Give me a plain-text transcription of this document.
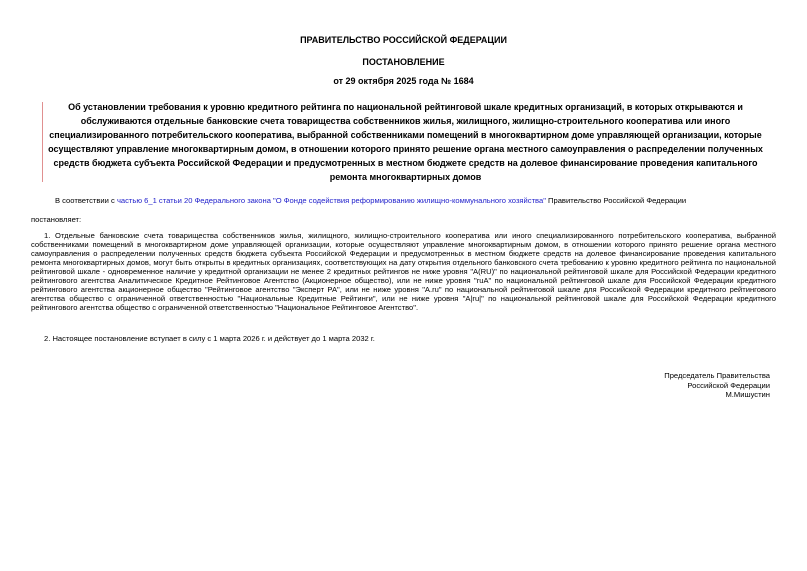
ПРАВИТЕЛЬСТВО РОССИЙСКОЙ ФЕДЕРАЦИИ
ПОСТАНОВЛЕНИЕ
от 29 октября 2025 года № 1684
Об установлении требования к уровню кредитного рейтинга по национальной рейтинговой шкале кредитных организаций, в которых открываются и обслуживаются отдельные банковские счета товарищества собственников жилья, жилищного, жилищно-строительного кооператива или иного специализированного потребительского кооператива, выбранной собственниками помещений в многоквартирном доме управляющей организации, которые осуществляют управление многоквартирным домом, в отношении которого принято решение органа местного самоуправления о распределении полученных средств бюджета субъекта Российской Федерации и предусмотренных в местном бюджете средств на долевое финансирование проведения капитального ремонта многоквартирных домов

В соответствии с частью 6_1 статьи 20 Федерального закона "О Фонде содействия реформированию жилищно-коммунального хозяйства" Правительство Российской Федерации

постановляет:

1. Отдельные банковские счета товарищества собственников жилья, жилищного, жилищно-строительного кооператива или иного специализированного потребительского кооператива, выбранной собственниками помещений в многоквартирном доме управляющей организации, которые осуществляют управление многоквартирным домом, в отношении которого принято решение органа местного самоуправления о распределении полученных средств бюджета субъекта Российской Федерации и предусмотренных в местном бюджете средств на долевое финансирование проведения капитального ремонта многоквартирных домов, могут быть открыты в кредитных организациях, соответствующих на дату открытия отдельного банковского счета требованию к уровню кредитного рейтинга по национальной рейтинговой шкале - одновременное наличие у кредитной организации не менее 2 кредитных рейтингов не ниже уровня "A(RU)" по национальной рейтинговой шкале для Российской Федерации кредитного рейтингового агентства Аналитическое Кредитное Рейтинговое Агентство (Акционерное общество), или не ниже уровня "ruA" по национальной рейтинговой шкале для Российской Федерации кредитного рейтингового агентства акционерное общество "Рейтинговое агентство "Эксперт РА", или не ниже уровня "A.ru" по национальной рейтинговой шкале для Российской Федерации кредитного рейтингового агентства общество с ограниченной ответственностью "Национальные Кредитные Рейтинги", или не ниже уровня "A|ru|" по национальной рейтинговой шкале для Российской Федерации кредитного рейтингового агентства общество с ограниченной ответственностью "Национальное Рейтинговое Агентство".

2. Настоящее постановление вступает в силу с 1 марта 2026 г. и действует до 1 марта 2032 г.

Председатель Правительства
Российской Федерации
М.Мишустин
